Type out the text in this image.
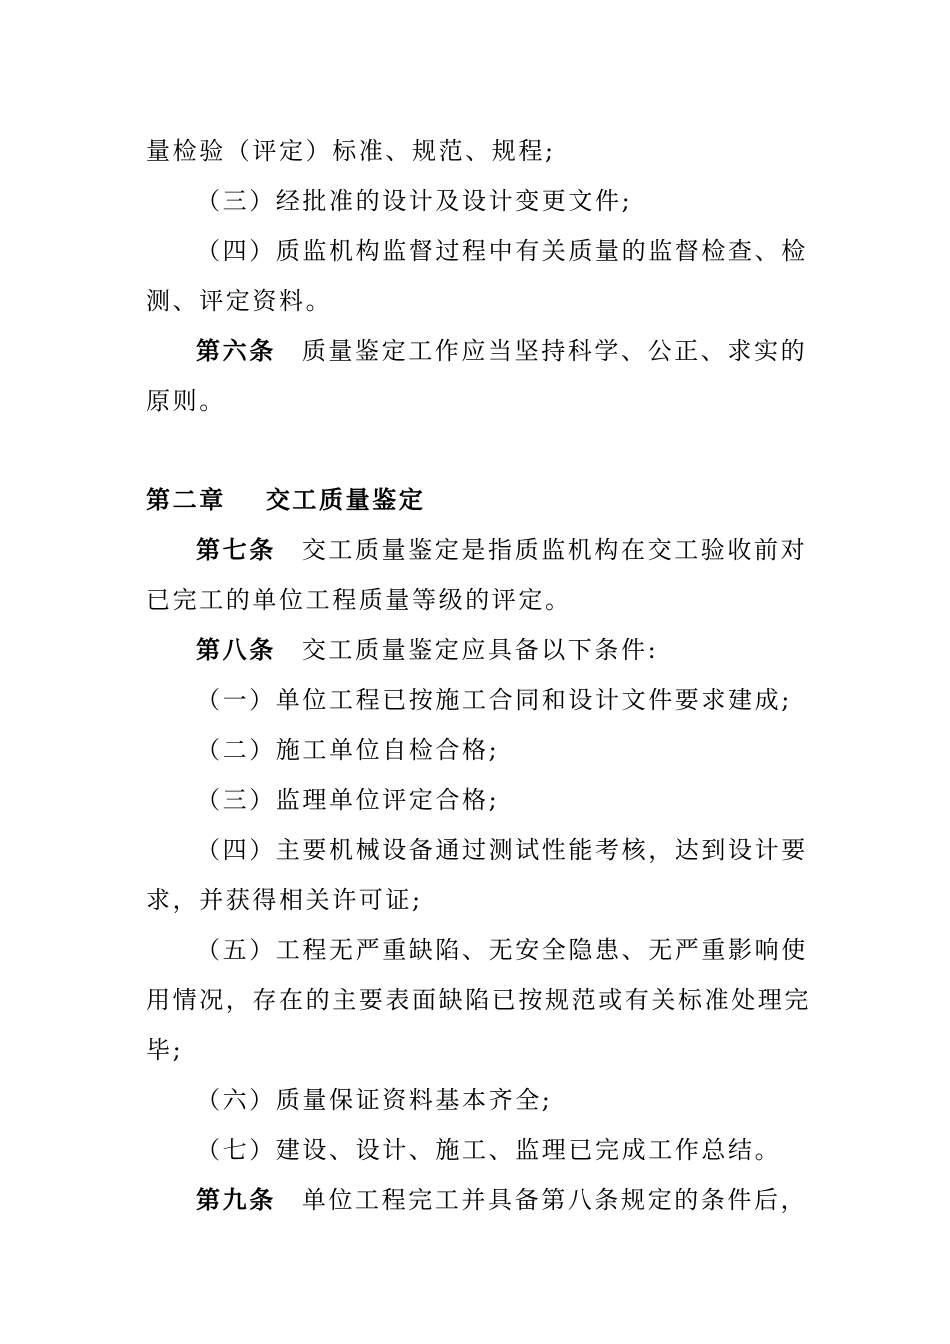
量检验（评定）标准、规范、规程;
（三）经批准的设计及设计变更文件;
（四）质监机构监督过程中有关质量的监督检查、检
测、评定资料。
第六条 质量鉴定工作应当坚持科学、公正、求实的
原则。
第二章 交工质量鉴定
第七条 交工质量鉴定是指质监机构在交工验收前对
已完工的单位工程质量等级的评定。
第八条 交工质量鉴定应具备以下条件:
（一）单位工程已按施工合同和设计文件要求建成;
（二）施工单位自检合格;
（三）监理单位评定合格;
（四）主要机械设备通过测试性能考核，达到设计要
求，并获得相关许可证;
（五）工程无严重缺陷、无安全隐患、无严重影响使
用情况，存在的主要表面缺陷已按规范或有关标准处理完
毕;
（六）质量保证资料基本齐全;
（七）建设、设计、施工、监理已完成工作总结。
第九条 单位工程完工并具备第八条规定的条件后，
